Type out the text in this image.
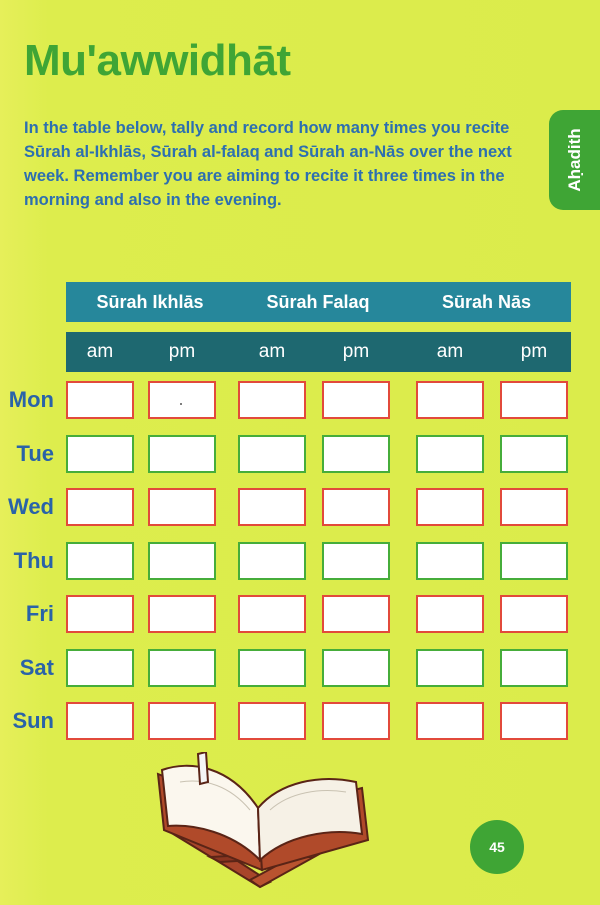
Mu'awwidhāt
In the table below, tally and record how many times you recite Sūrah al-Ikhlās, Sūrah al-falaq and Sūrah an-Nās over the next week. Remember you are aiming to recite it three times in the morning and also in the evening.
Aḥadith
Sūrah Ikhlās	Sūrah Falaq	Sūrah Nās
am	pm	am	pm	am	pm
Mon
Tue
Wed
Thu
Fri
Sat
Sun
45
